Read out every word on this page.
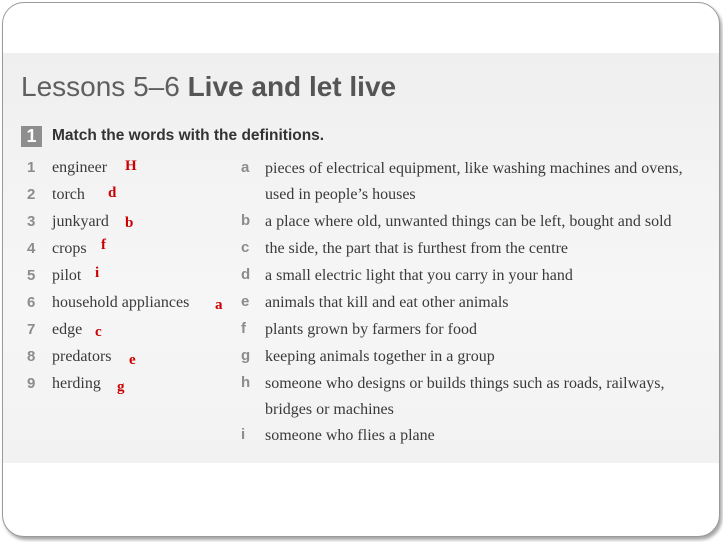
Lessons 5–6 Live and let live
1	Match the words with the definitions.

1 engineer H
2 torch d
3 junkyard b
4 crops f
5 pilot i
6 household appliances a
7 edge c
8 predators e
9 herding g
a pieces of electrical equipment, like washing machines and ovens, used in people’s houses
b a place where old, unwanted things can be left, bought and sold
c the side, the part that is furthest from the centre
d a small electric light that you carry in your hand
e animals that kill and eat other animals
f plants grown by farmers for food
g keeping animals together in a group
h someone who designs or builds things such as roads, railways, bridges or machines
i someone who flies a plane
